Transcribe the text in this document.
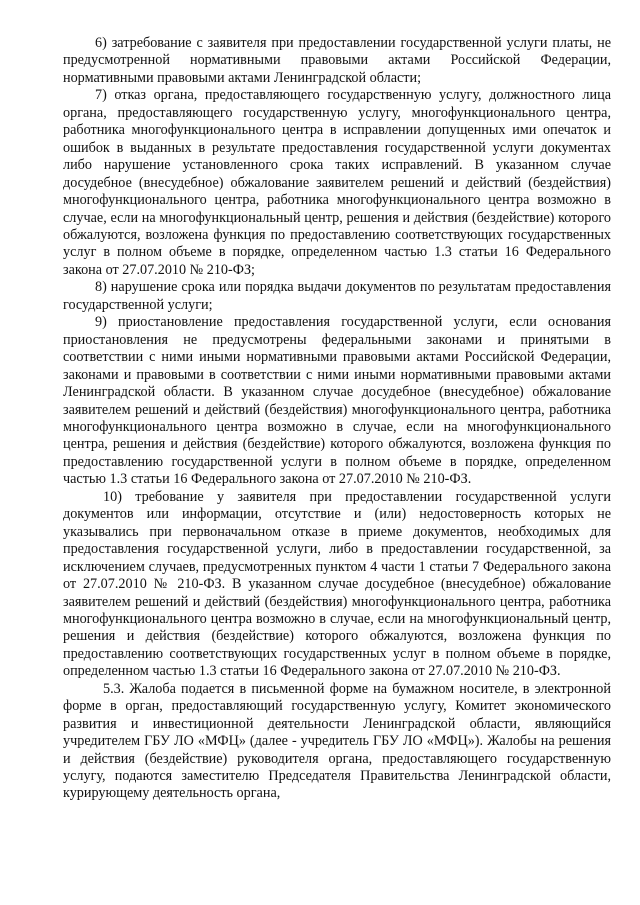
6) затребование с заявителя при предоставлении государственной услуги платы, не предусмотренной нормативными правовыми актами Российской Федерации, нормативными правовыми актами Ленинградской области;

7) отказ органа, предоставляющего государственную услугу, должностного лица органа, предоставляющего государственную услугу, многофункционального центра, работника многофункционального центра в исправлении допущенных ими опечаток и ошибок в выданных в результате предоставления государственной услуги документах либо нарушение установленного срока таких исправлений. В указанном случае досудебное (внесудебное) обжалование заявителем решений и действий (бездействия) многофункционального центра, работника многофункционального центра возможно в случае, если на многофункциональный центр, решения и действия (бездействие) которого обжалуются, возложена функция по предоставлению соответствующих государственных услуг в полном объеме в порядке, определенном частью 1.3 статьи 16 Федерального закона от 27.07.2010 № 210-ФЗ;

8) нарушение срока или порядка выдачи документов по результатам предоставления государственной услуги;

9) приостановление предоставления государственной услуги, если основания приостановления не предусмотрены федеральными законами и принятыми в соответствии с ними иными нормативными правовыми актами Российской Федерации, законами и правовыми в соответствии с ними иными нормативными правовыми актами Ленинградской области. В указанном случае досудебное (внесудебное) обжалование заявителем решений и действий (бездействия) многофункционального центра, работника многофункционального центра возможно в случае, если на многофункционального центра, решения и действия (бездействие) которого обжалуются, возложена функция по предоставлению государственной услуги в полном объеме в порядке, определенном частью 1.3 статьи 16 Федерального закона от 27.07.2010 № 210-ФЗ.

10) требование у заявителя при предоставлении государственной услуги документов или информации, отсутствие и (или) недостоверность которых не указывались при первоначальном отказе в приеме документов, необходимых для предоставления государственной услуги, либо в предоставлении государственной, за исключением случаев, предусмотренных пунктом 4 части 1 статьи 7 Федерального закона от 27.07.2010 № 210-ФЗ. В указанном случае досудебное (внесудебное) обжалование заявителем решений и действий (бездействия) многофункционального центра, работника многофункционального центра возможно в случае, если на многофункциональный центр, решения и действия (бездействие) которого обжалуются, возложена функция по предоставлению соответствующих государственных услуг в полном объеме в порядке, определенном частью 1.3 статьи 16 Федерального закона от 27.07.2010 № 210-ФЗ.

5.3. Жалоба подается в письменной форме на бумажном носителе, в электронной форме в орган, предоставляющий государственную услугу, Комитет экономического развития и инвестиционной деятельности Ленинградской области, являющийся учредителем ГБУ ЛО «МФЦ» (далее - учредитель ГБУ ЛО «МФЦ»). Жалобы на решения и действия (бездействие) руководителя органа, предоставляющего государственную услугу, подаются заместителю Председателя Правительства Ленинградской области, курирующему деятельность органа,
